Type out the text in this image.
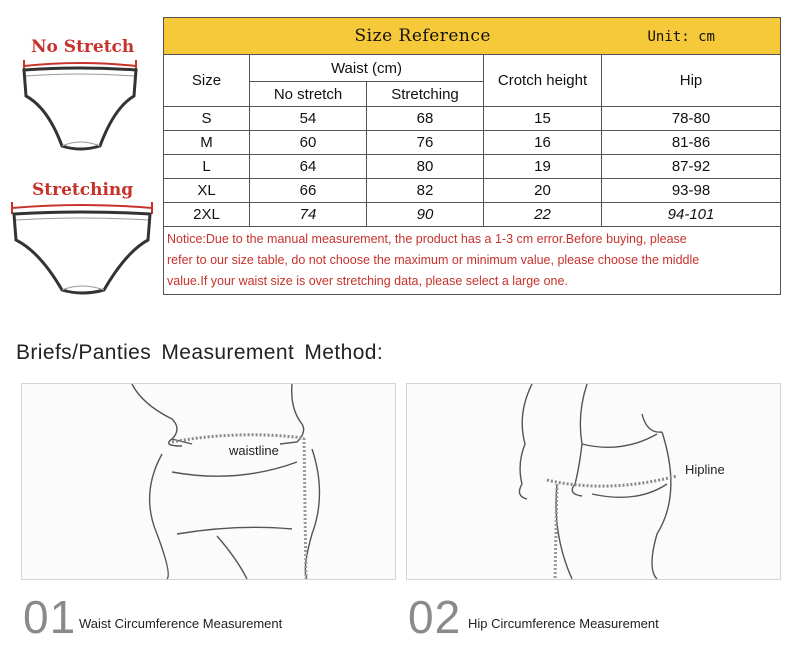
No Stretch
Stretching
Size Reference				Unit: cm
Size	Waist (cm)		Crotch height	Hip
	No stretch	Stretching		
S	54	68	15	78-80
M	60	76	16	81-86
L	64	80	19	87-92
XL	66	82	20	93-98
2XL	74	90	22	94-101

Notice:Due to the manual measurement, the product has a 1-3 cm error.Before buying, please
refer to our size table, do not choose the maximum or minimum value, please choose the middle
value.If your waist size is over stretching data, please select a large one.				
Briefs/Panties Measurement Method:
waistline
Hipline
01 Waist Circumference Measurement	02 Hip Circumference Measurement
